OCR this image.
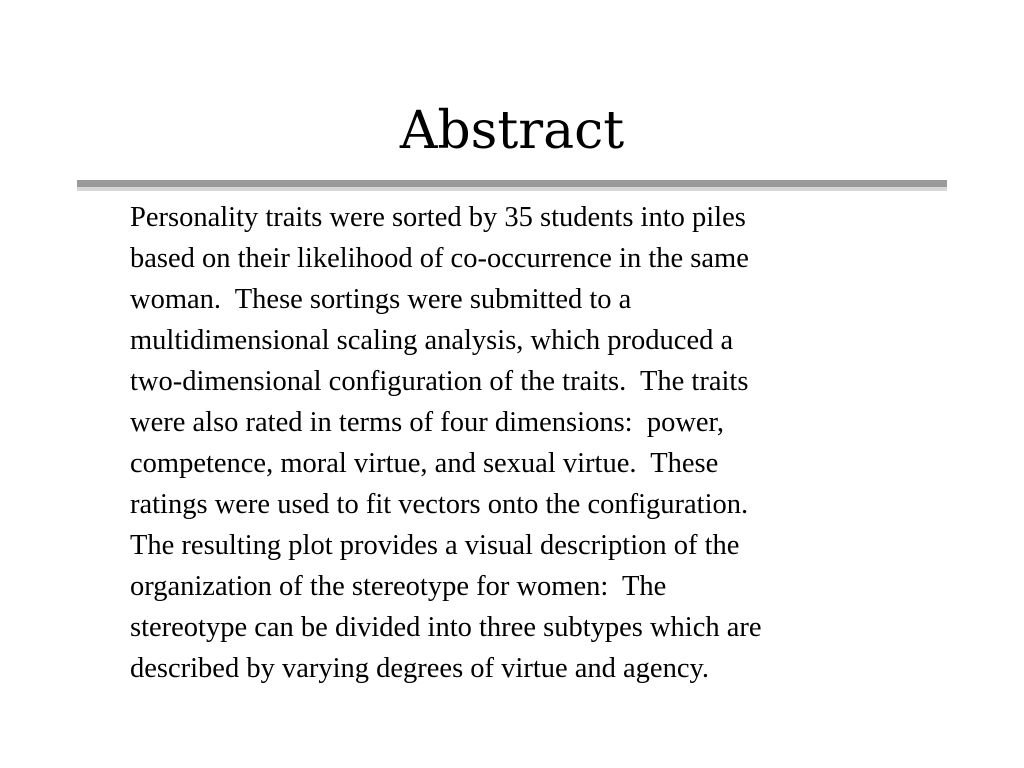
Abstract
Personality traits were sorted by 35 students into piles
based on their likelihood of co-occurrence in the same
woman.  These sortings were submitted to a
multidimensional scaling analysis, which produced a
two-dimensional configuration of the traits.  The traits
were also rated in terms of four dimensions:  power,
competence, moral virtue, and sexual virtue.  These
ratings were used to fit vectors onto the configuration.
The resulting plot provides a visual description of the
organization of the stereotype for women:  The
stereotype can be divided into three subtypes which are
described by varying degrees of virtue and agency.
